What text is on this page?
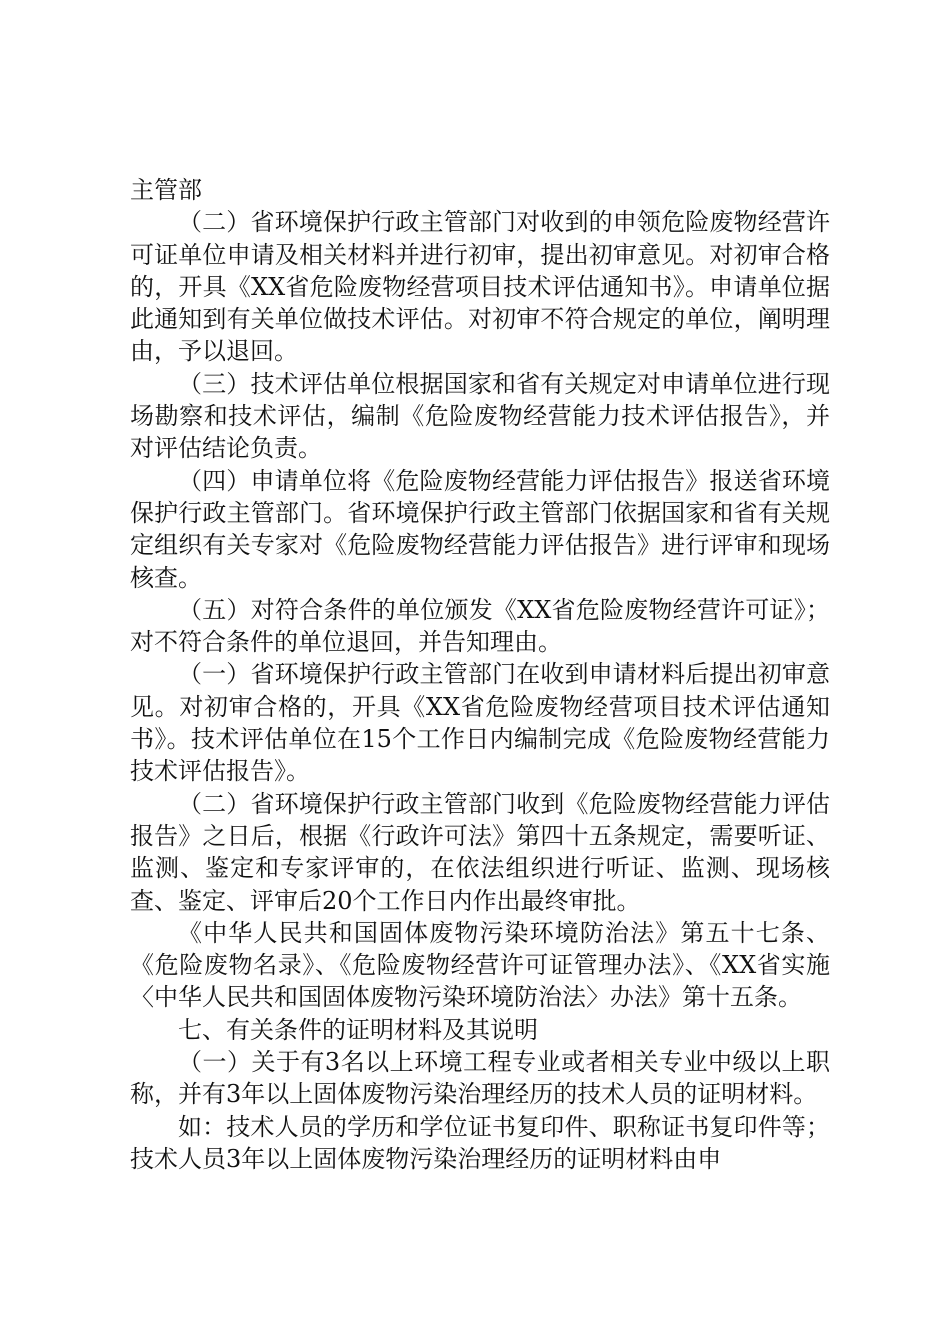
主管部

（二）省环境保护行政主管部门对收到的申领危险废物经营许可证单位申请及相关材料并进行初审，提出初审意见。对初审合格的，开具《XX省危险废物经营项目技术评估通知书》。申请单位据此通知到有关单位做技术评估。对初审不符合规定的单位，阐明理由，予以退回。

（三）技术评估单位根据国家和省有关规定对申请单位进行现场勘察和技术评估，编制《危险废物经营能力技术评估报告》，并对评估结论负责。

（四）申请单位将《危险废物经营能力评估报告》报送省环境保护行政主管部门。省环境保护行政主管部门依据国家和省有关规定组织有关专家对《危险废物经营能力评估报告》进行评审和现场核查。

（五）对符合条件的单位颁发《XX省危险废物经营许可证》；对不符合条件的单位退回，并告知理由。

（一）省环境保护行政主管部门在收到申请材料后提出初审意见。对初审合格的，开具《XX省危险废物经营项目技术评估通知书》。技术评估单位在15个工作日内编制完成《危险废物经营能力技术评估报告》。

（二）省环境保护行政主管部门收到《危险废物经营能力评估报告》之日后，根据《行政许可法》第四十五条规定，需要听证、监测、鉴定和专家评审的，在依法组织进行听证、监测、现场核查、鉴定、评审后20个工作日内作出最终审批。

《中华人民共和国固体废物污染环境防治法》第五十七条、《危险废物名录》、《危险废物经营许可证管理办法》、《XX省实施〈中华人民共和国固体废物污染环境防治法〉办法》第十五条。

七、有关条件的证明材料及其说明

（一）关于有3名以上环境工程专业或者相关专业中级以上职称，并有3年以上固体废物污染治理经历的技术人员的证明材料。

如：技术人员的学历和学位证书复印件、职称证书复印件等；技术人员3年以上固体废物污染治理经历的证明材料由申
